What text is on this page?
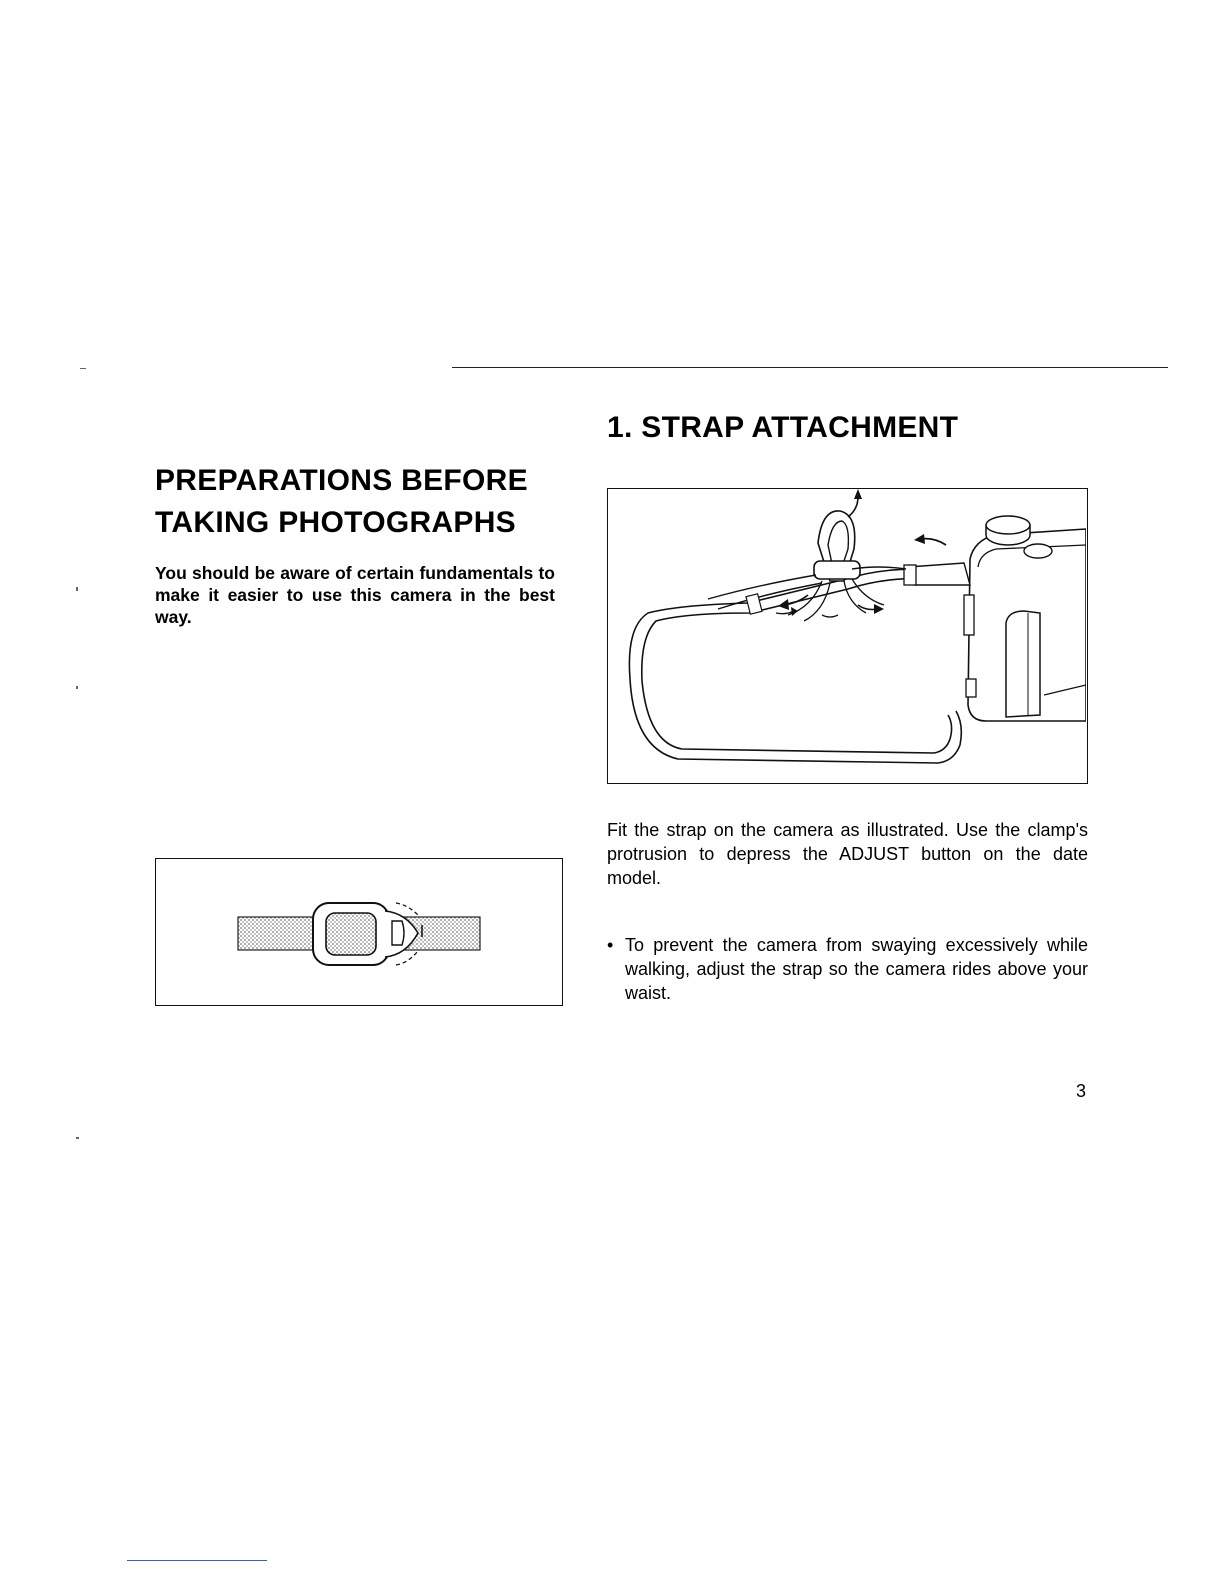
PREPARATIONS BEFORE
TAKING PHOTOGRAPHS

You should be aware of certain fundamentals to make it easier to use this camera in the best way.

1. STRAP ATTACHMENT

Fit the strap on the camera as illustrated. Use the clamp's protrusion to depress the ADJUST button on the date model.

• To prevent the camera from swaying excessively while walking, adjust the strap so the camera rides above your waist.
3
